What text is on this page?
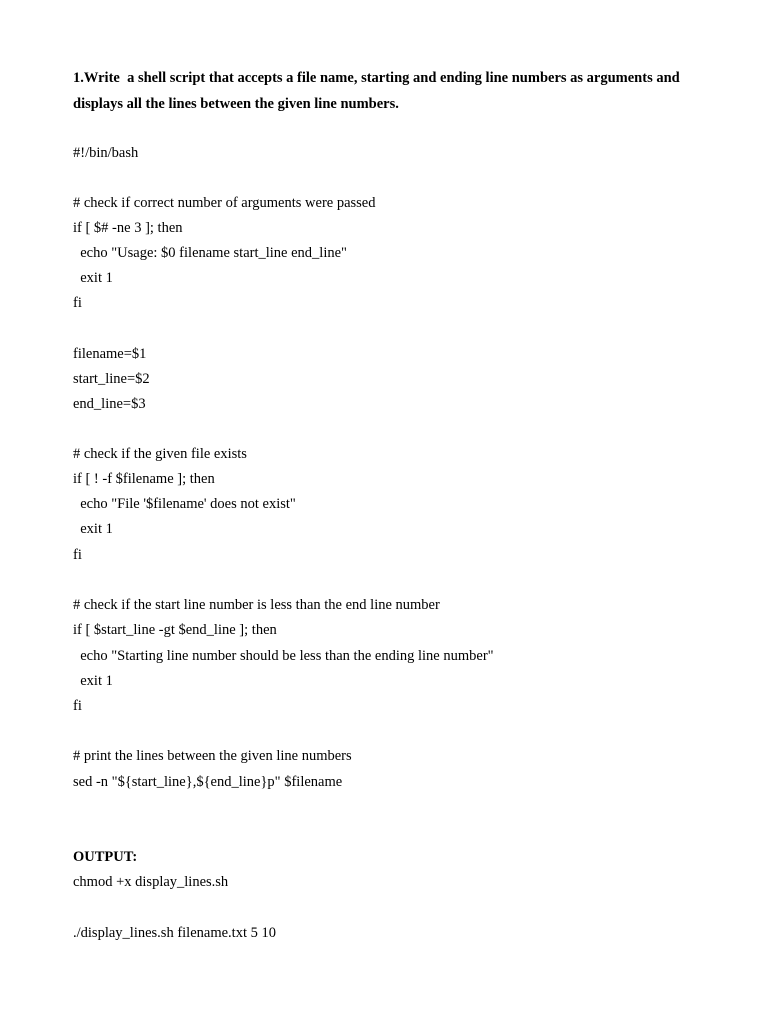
1.Write  a shell script that accepts a file name, starting and ending line numbers as arguments and displays all the lines between the given line numbers.
#!/bin/bash
# check if correct number of arguments were passed
if [ $# -ne 3 ]; then
echo "Usage: $0 filename start_line end_line"
exit 1
fi
filename=$1
start_line=$2
end_line=$3
# check if the given file exists
if [ ! -f $filename ]; then
echo "File '$filename' does not exist"
exit 1
fi
# check if the start line number is less than the end line number
if [ $start_line -gt $end_line ]; then
echo "Starting line number should be less than the ending line number"
exit 1
fi
# print the lines between the given line numbers
sed -n "${start_line},${end_line}p" $filename
OUTPUT:
chmod +x display_lines.sh
./display_lines.sh filename.txt 5 10
